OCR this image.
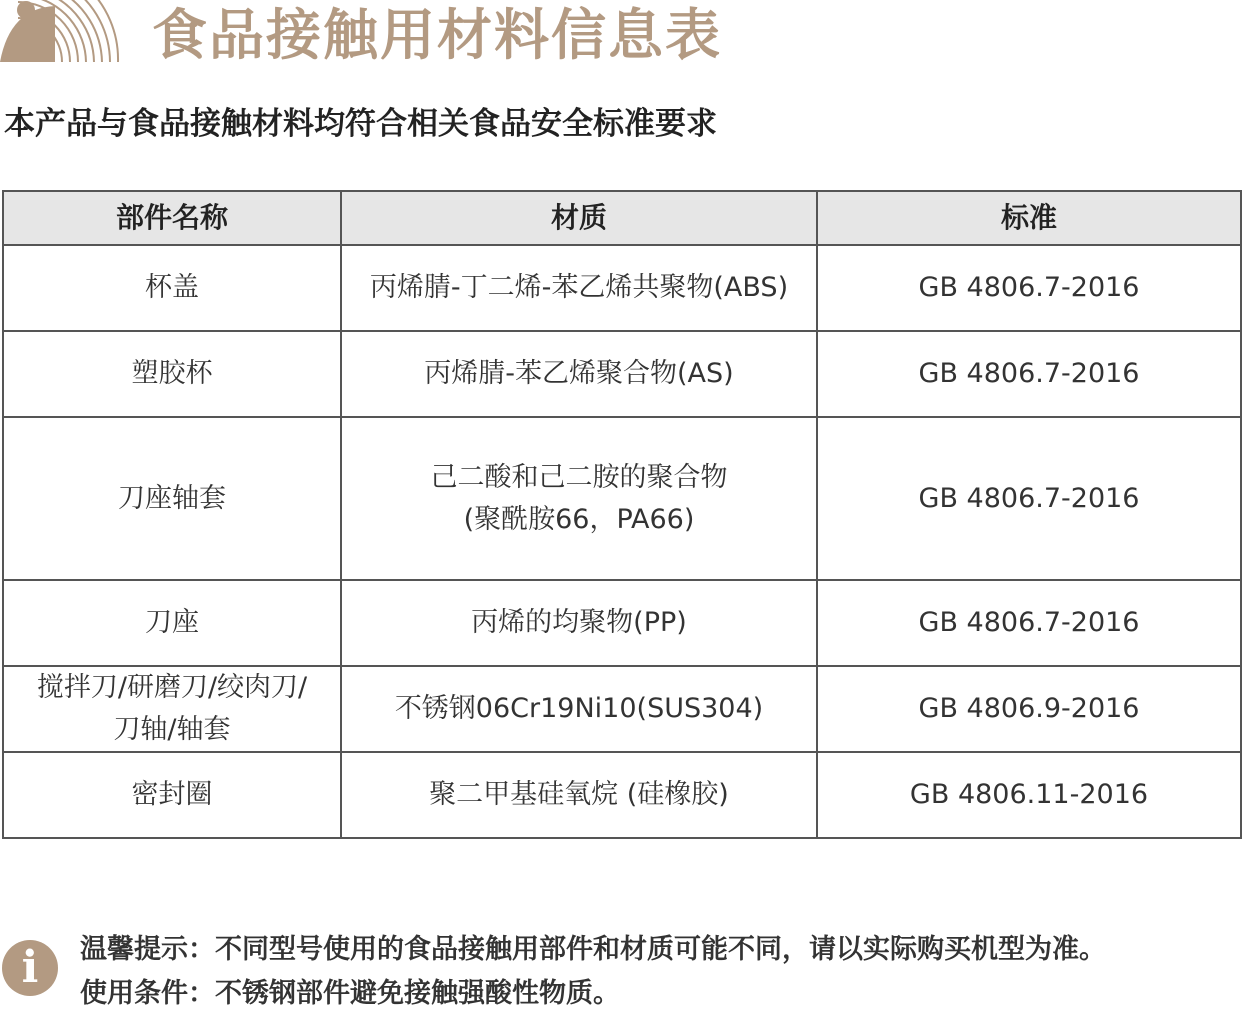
食品接触用材料信息表
本产品与食品接触材料均符合相关食品安全标准要求
部件名称	材质	标准
杯盖	丙烯腈-丁二烯-苯乙烯共聚物(ABS)	GB 4806.7-2016
塑胶杯	丙烯腈-苯乙烯聚合物(AS)	GB 4806.7-2016
刀座轴套	己二酸和己二胺的聚合物
(聚酰胺66，PA66)	GB 4806.7-2016
刀座	丙烯的均聚物(PP)	GB 4806.7-2016

搅拌刀/研磨刀/绞肉刀/
刀轴/轴套	不锈钢06Cr19Ni10(SUS304)	GB 4806.9-2016
密封圈	聚二甲基硅氧烷 (硅橡胶)	GB 4806.11-2016
i	温馨提示：不同型号使用的食品接触用部件和材质可能不同，请以实际购买机型为准。
使用条件：不锈钢部件避免接触强酸性物质。
